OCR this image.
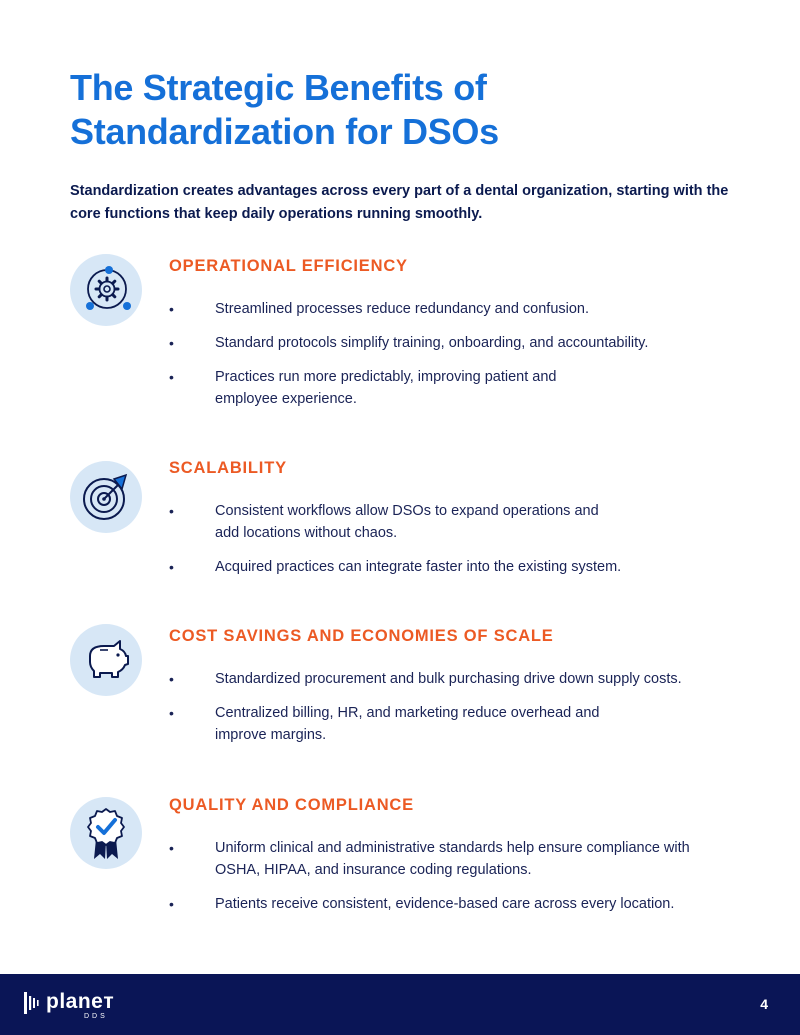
The Strategic Benefits of Standardization for DSOs

Standardization creates advantages across every part of a dental organization, starting with the core functions that keep daily operations running smoothly.

OPERATIONAL EFFICIENCY
•	Streamlined processes reduce redundancy and confusion.
•	Standard protocols simplify training, onboarding, and accountability.
•	Practices run more predictably, improving patient and employee experience.
SCALABILITY
•	Consistent workflows allow DSOs to expand operations and add locations without chaos.
•	Acquired practices can integrate faster into the existing system.
COST SAVINGS AND ECONOMIES OF SCALE
•	Standardized procurement and bulk purchasing drive down supply costs.
•	Centralized billing, HR, and marketing reduce overhead and improve margins.
QUALITY AND COMPLIANCE
•	Uniform clinical and administrative standards help ensure compliance with OSHA, HIPAA, and insurance coding regulations.
•	Patients receive consistent, evidence-based care across every location.
planeт
DDS
4
